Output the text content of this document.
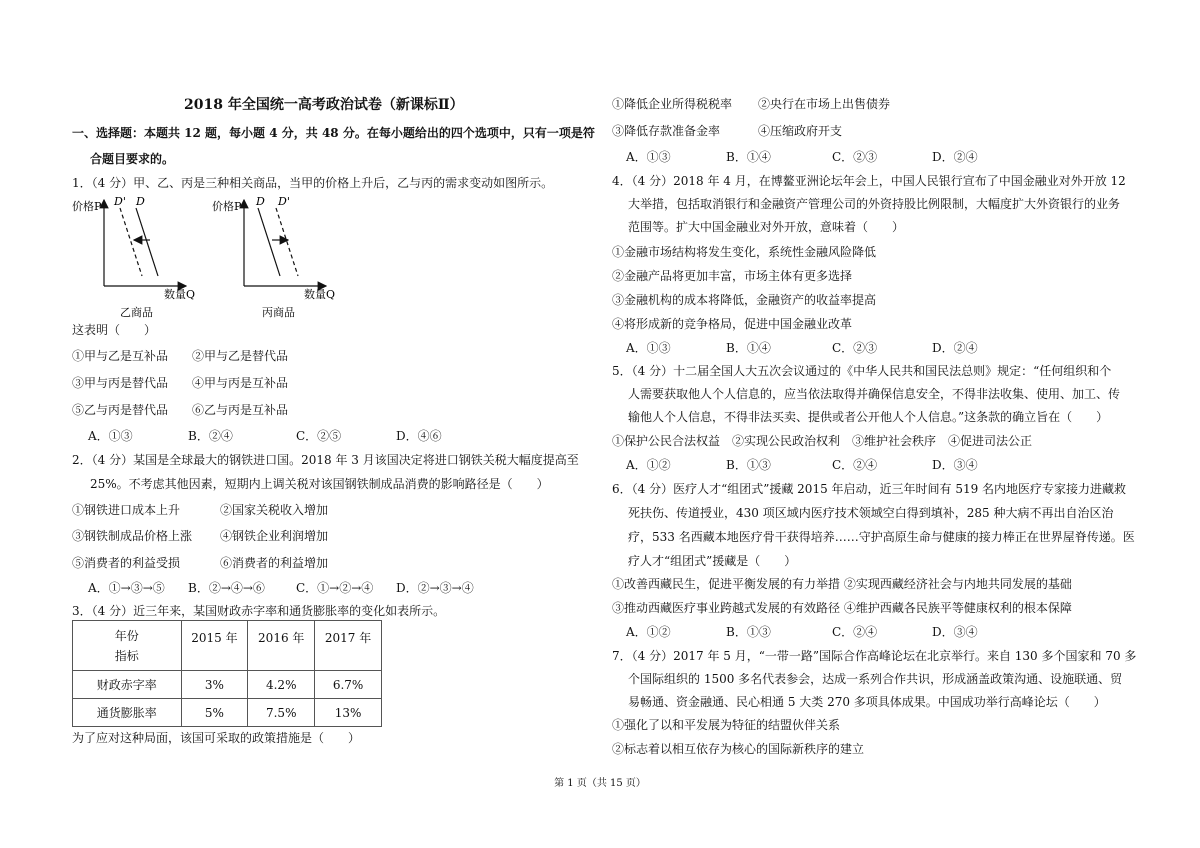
2018 年全国统一高考政治试卷（新课标Ⅱ）
一、选择题：本题共 12 题，每小题 4 分，共 48 分。在每小题给出的四个选项中，只有一项是符
合题目要求的。
1．（4 分）甲、乙、丙是三种相关商品，当甲的价格上升后，乙与丙的需求变动如图所示。
价格P D' D
数量Q
乙商品
价格P D D'
数量Q
丙商品
这表明（　　）
①甲与乙是互补品 ②甲与乙是替代品
③甲与丙是替代品 ④甲与丙是互补品
⑤乙与丙是替代品 ⑥乙与丙是互补品
A．①③	B．②④	C．②⑤	D．④⑥
2．（4 分）某国是全球最大的钢铁进口国。2018 年 3 月该国决定将进口钢铁关税大幅度提高至
25%。不考虑其他因素，短期内上调关税对该国钢铁制成品消费的影响路径是（　　）
①钢铁进口成本上升	②国家关税收入增加
③钢铁制成品价格上涨 ④钢铁企业利润增加
⑤消费者的利益受损	⑥消费者的利益增加
A．①→③→⑤ B．②→④→⑥	C．①→②→④ D．②→③→④
3．（4 分）近三年来，某国财政赤字率和通货膨胀率的变化如表所示。
年份
指标	2015 年	2016 年	2017 年
财政赤字率	3%	4.2%	6.7%
通货膨胀率	5%	7.5%	13%
为了应对这种局面，该国可采取的政策措施是（　　）
①降低企业所得税税率 ②央行在市场上出售债券
③降低存款准备金率	④压缩政府开支
A．①③	B．①④	C．②③	D．②④
4．（4 分）2018 年 4 月，在博鳌亚洲论坛年会上，中国人民银行宣布了中国金融业对外开放 12
大举措，包括取消银行和金融资产管理公司的外资持股比例限制，大幅度扩大外资银行的业务
范围等。扩大中国金融业对外开放，意味着（　　）
①金融市场结构将发生变化，系统性金融风险降低
②金融产品将更加丰富，市场主体有更多选择
③金融机构的成本将降低，金融资产的收益率提高
④将形成新的竞争格局，促进中国金融业改革
A．①③	B．①④	C．②③	D．②④
5．（4 分）十二届全国人大五次会议通过的《中华人民共和国民法总则》规定：“任何组织和个
人需要获取他人个人信息的，应当依法取得并确保信息安全，不得非法收集、使用、加工、传
输他人个人信息，不得非法买卖、提供或者公开他人个人信息。”这条款的确立旨在（　　）
①保护公民合法权益　②实现公民政治权利　③维护社会秩序　④促进司法公正
A．①②	B．①③	C．②④	D．③④
6．（4 分）医疗人才“组团式”援藏 2015 年启动，近三年时间有 519 名内地医疗专家接力进藏救
死扶伤、传道授业，430 项区域内医疗技术领域空白得到填补，285 种大病不再出自治区治
疗，533 名西藏本地医疗骨干获得培养……守护高原生命与健康的接力棒正在世界屋脊传递。医
疗人才“组团式”援藏是（　　）
①改善西藏民生，促进平衡发展的有力举措 ②实现西藏经济社会与内地共同发展的基础
③推动西藏医疗事业跨越式发展的有效路径 ④维护西藏各民族平等健康权利的根本保障
A．①②	B．①③	C．②④	D．③④
7．（4 分）2017 年 5 月，“一带一路”国际合作高峰论坛在北京举行。来自 130 多个国家和 70 多
个国际组织的 1500 多名代表参会，达成一系列合作共识，形成涵盖政策沟通、设施联通、贸
易畅通、资金融通、民心相通 5 大类 270 多项具体成果。中国成功举行高峰论坛（　　）
①强化了以和平发展为特征的结盟伙伴关系
②标志着以相互依存为核心的国际新秩序的建立
第 1 页（共 15 页）
